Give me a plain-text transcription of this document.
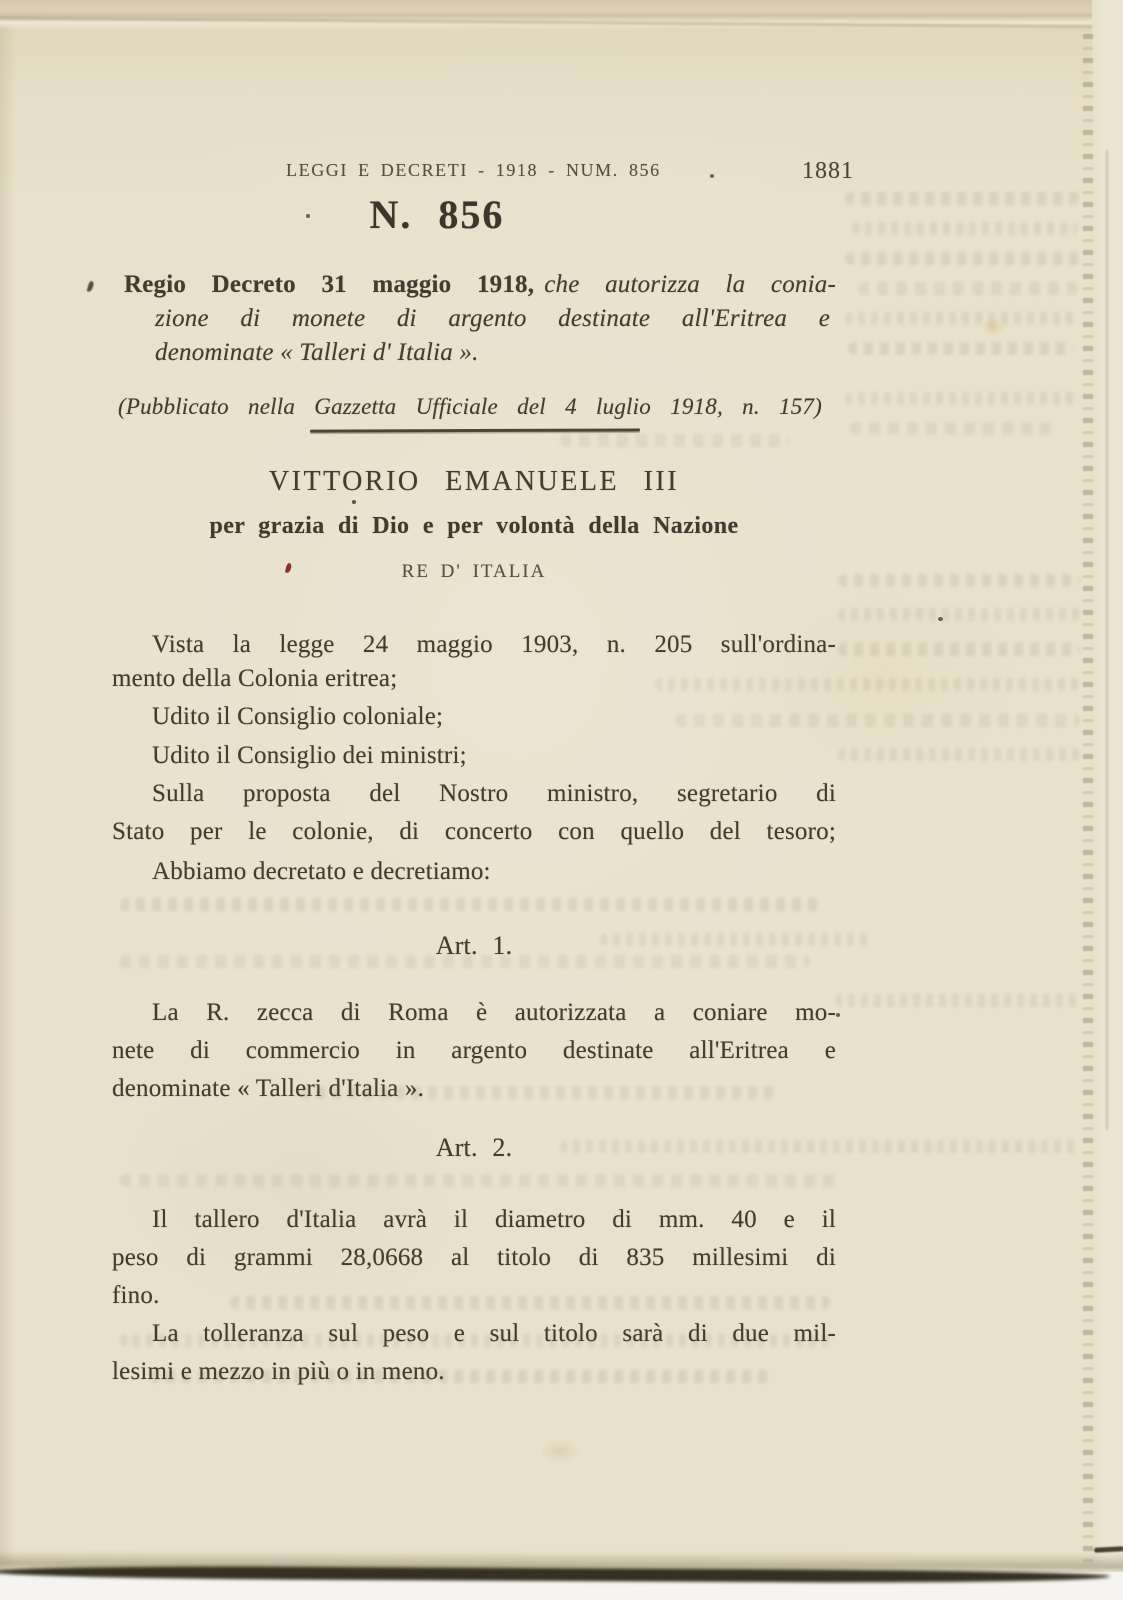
LEGGI E DECRETI - 1918 - NUM. 856	1881
N. 856
Regio Decreto 31 maggio 1918, che autorizza la conia-
zione di monete di argento destinate all'Eritrea e
denominate « Talleri d' Italia ».
(Pubblicato nella Gazzetta Ufficiale del 4 luglio 1918, n. 157)
VITTORIO EMANUELE III
per grazia di Dio e per volontà della Nazione
RE D' ITALIA
Vista la legge 24 maggio 1903, n. 205 sull'ordina-
mento della Colonia eritrea;
Udito il Consiglio coloniale;
Udito il Consiglio dei ministri;
Sulla proposta del Nostro ministro, segretario di
Stato per le colonie, di concerto con quello del tesoro;
Abbiamo decretato e decretiamo:
Art. 1.
La R. zecca di Roma è autorizzata a coniare mo-
nete di commercio in argento destinate all'Eritrea e
denominate « Talleri d'Italia ».
Art. 2.
Il tallero d'Italia avrà il diametro di mm. 40 e il
peso di grammi 28,0668 al titolo di 835 millesimi di
fino.
La tolleranza sul peso e sul titolo sarà di due mil-
lesimi e mezzo in più o in meno.
